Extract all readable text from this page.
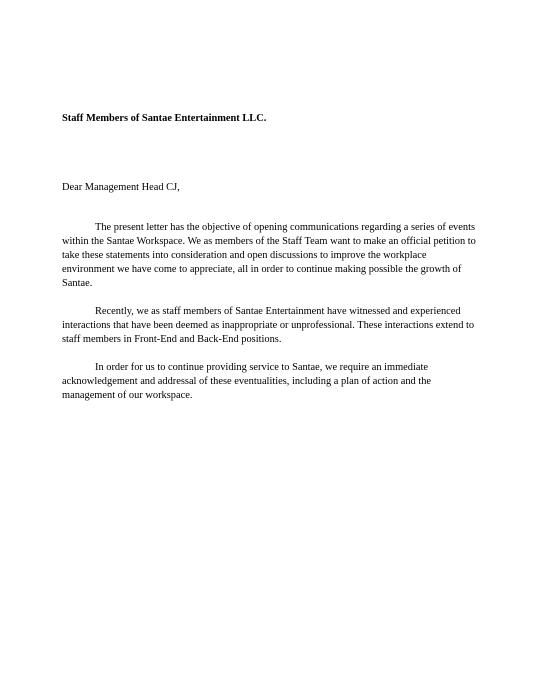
Staff Members of Santae Entertainment LLC.

Dear Management Head CJ,

The present letter has the objective of opening communications regarding a series of events within the Santae Workspace. We as members of the Staff Team want to make an official petition to take these statements into consideration and open discussions to improve the workplace environment we have come to appreciate, all in order to continue making possible the growth of Santae.

Recently, we as staff members of Santae Entertainment have witnessed and experienced interactions that have been deemed as inappropriate or unprofessional. These interactions extend to staff members in Front-End and Back-End positions.

In order for us to continue providing service to Santae, we require an immediate acknowledgement and addressal of these eventualities, including a plan of action and the management of our workspace.
